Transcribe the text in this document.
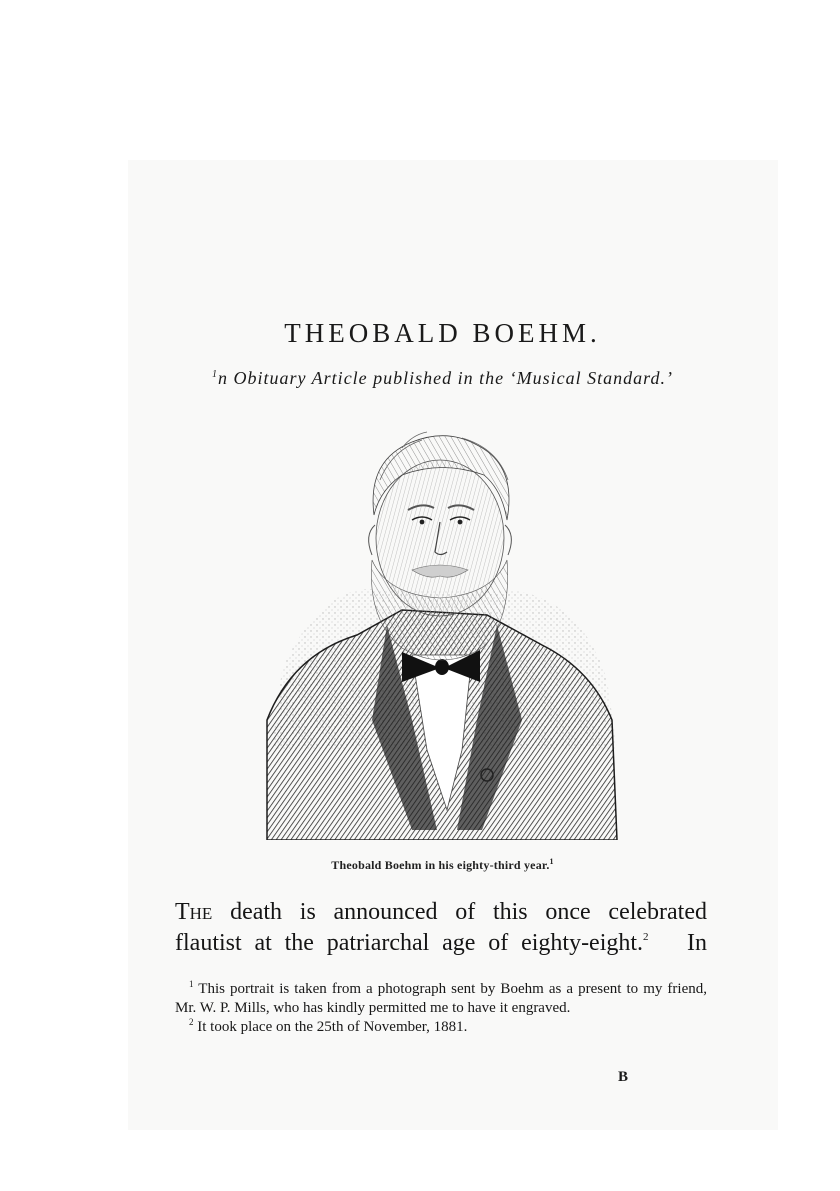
THEOBALD BOEHM.
$^1$n Obituary Article published in the ‘Musical Standard.’
Theobald Boehm in his eighty-third year.$^1$
The death is announced of this once celebrated
flautist at the patriarchal age of eighty-eight.$^2$ In
$^1$ This portrait is taken from a photograph sent by Boehm as a present to my friend, Mr. W. P. Mills, who has kindly permitted me to have it engraved.
$^2$ It took place on the 25th of November, 1881.
B
